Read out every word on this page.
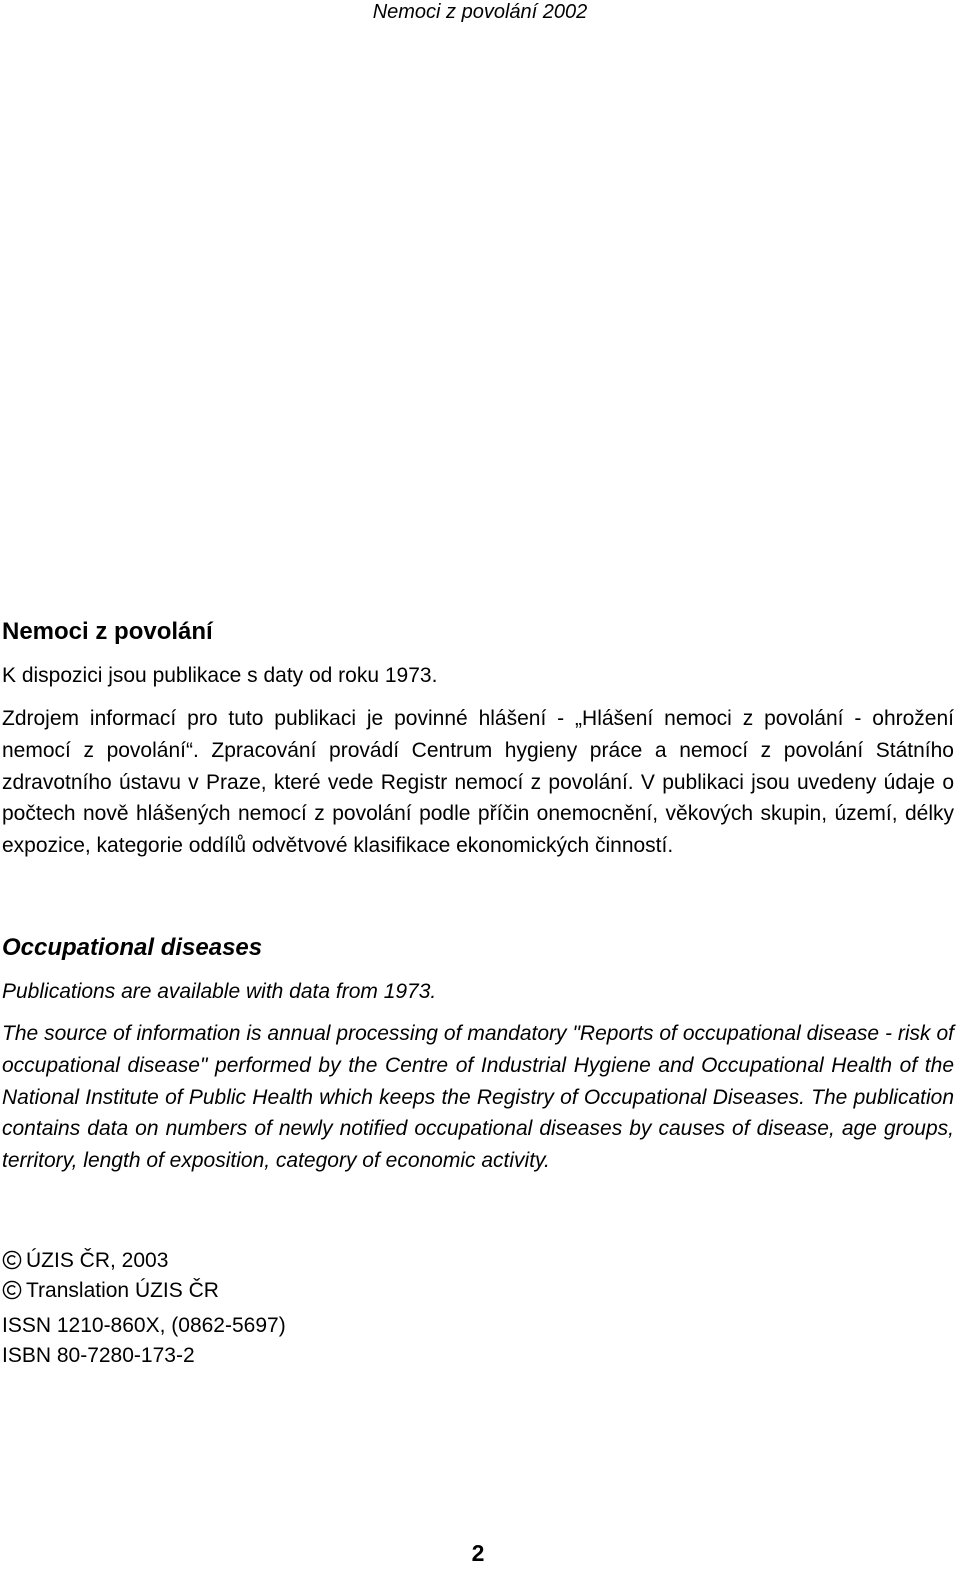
Nemoci z povolání 2002
Nemoci z povolání
K dispozici jsou publikace s daty od roku 1973.
Zdrojem informací pro tuto publikaci je povinné hlášení - „Hlášení nemoci z povolání - ohrožení nemocí z povolání“. Zpracování provádí Centrum hygieny práce a nemocí z povolání Státního zdravotního ústavu v Praze, které vede Registr nemocí z povolání. V publikaci jsou uvedeny údaje o počtech nově hlášených nemocí z povolání podle příčin onemocnění, věkových skupin, území, délky expozice, kategorie oddílů odvětvové klasifikace ekonomických činností.
Occupational diseases
Publications are available with data from 1973.
The source of information is annual processing of mandatory "Reports of occupational disease - risk of occupational disease" performed by the Centre of Industrial Hygiene and Occupational Health of the National Institute of Public Health which keeps the Registry of Occupational Diseases. The publication contains data on numbers of newly notified occupational diseases by causes of disease, age groups, territory, length of exposition, category of economic activity.
ÚZIS ČR, 2003
Translation ÚZIS ČR
ISSN 1210-860X, (0862-5697)
ISBN 80-7280-173-2
2
